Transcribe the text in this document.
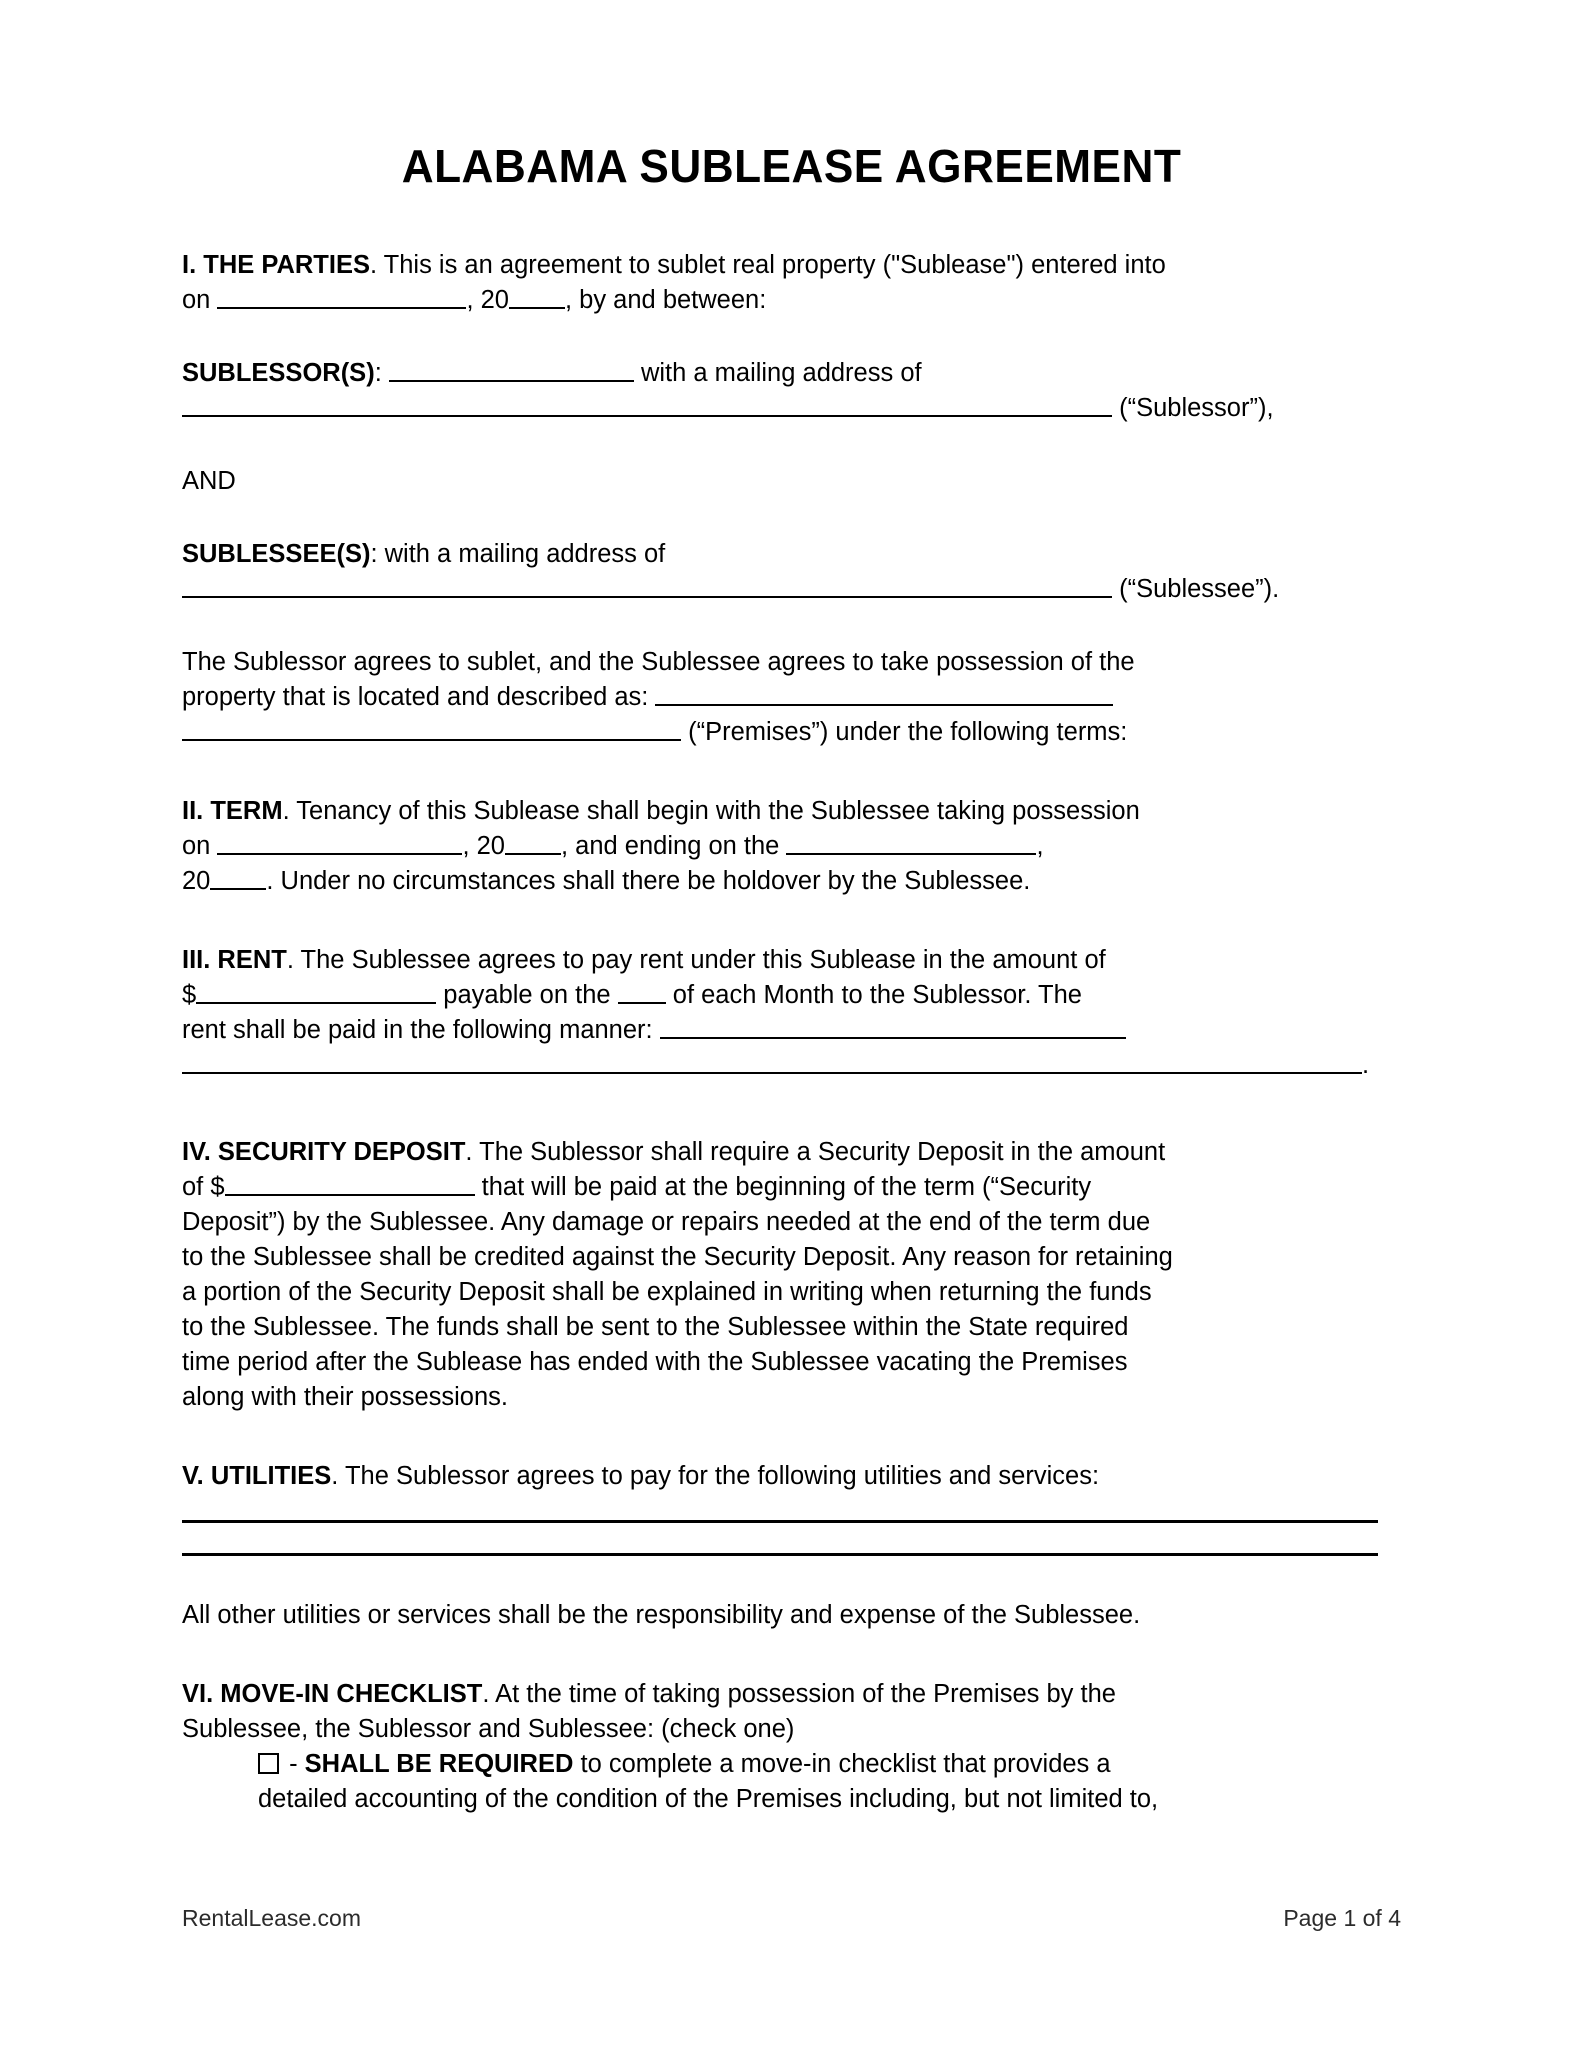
ALABAMA SUBLEASE AGREEMENT
I. THE PARTIES. This is an agreement to sublet real property ("Sublease") entered into
on	, 20 , by and between:
SUBLESSOR(S):	with a mailing address of
(“Sublessor”),
AND
SUBLESSEE(S): with a mailing address of
(“Sublessee”).
The Sublessor agrees to sublet, and the Sublessee agrees to take possession of the
property that is located and described as:
(“Premises”) under the following terms:
II. TERM. Tenancy of this Sublease shall begin with the Sublessee taking possession
on	, 20 , and ending on the	,
20 . Under no circumstances shall there be holdover by the Sublessee.
III. RENT. The Sublessee agrees to pay rent under this Sublease in the amount of
$	payable on the  of each Month to the Sublessor. The
rent shall be paid in the following manner:
.
IV. SECURITY DEPOSIT. The Sublessor shall require a Security Deposit in the amount
of $	that will be paid at the beginning of the term (“Security
Deposit”) by the Sublessee. Any damage or repairs needed at the end of the term due
to the Sublessee shall be credited against the Security Deposit. Any reason for retaining
a portion of the Security Deposit shall be explained in writing when returning the funds
to the Sublessee. The funds shall be sent to the Sublessee within the State required
time period after the Sublease has ended with the Sublessee vacating the Premises
along with their possessions.
V. UTILITIES. The Sublessor agrees to pay for the following utilities and services:
All other utilities or services shall be the responsibility and expense of the Sublessee.
VI. MOVE-IN CHECKLIST. At the time of taking possession of the Premises by the
Sublessee, the Sublessor and Sublessee: (check one)
- SHALL BE REQUIRED to complete a move-in checklist that provides a
detailed accounting of the condition of the Premises including, but not limited to,
RentalLease.com	Page 1 of 4
